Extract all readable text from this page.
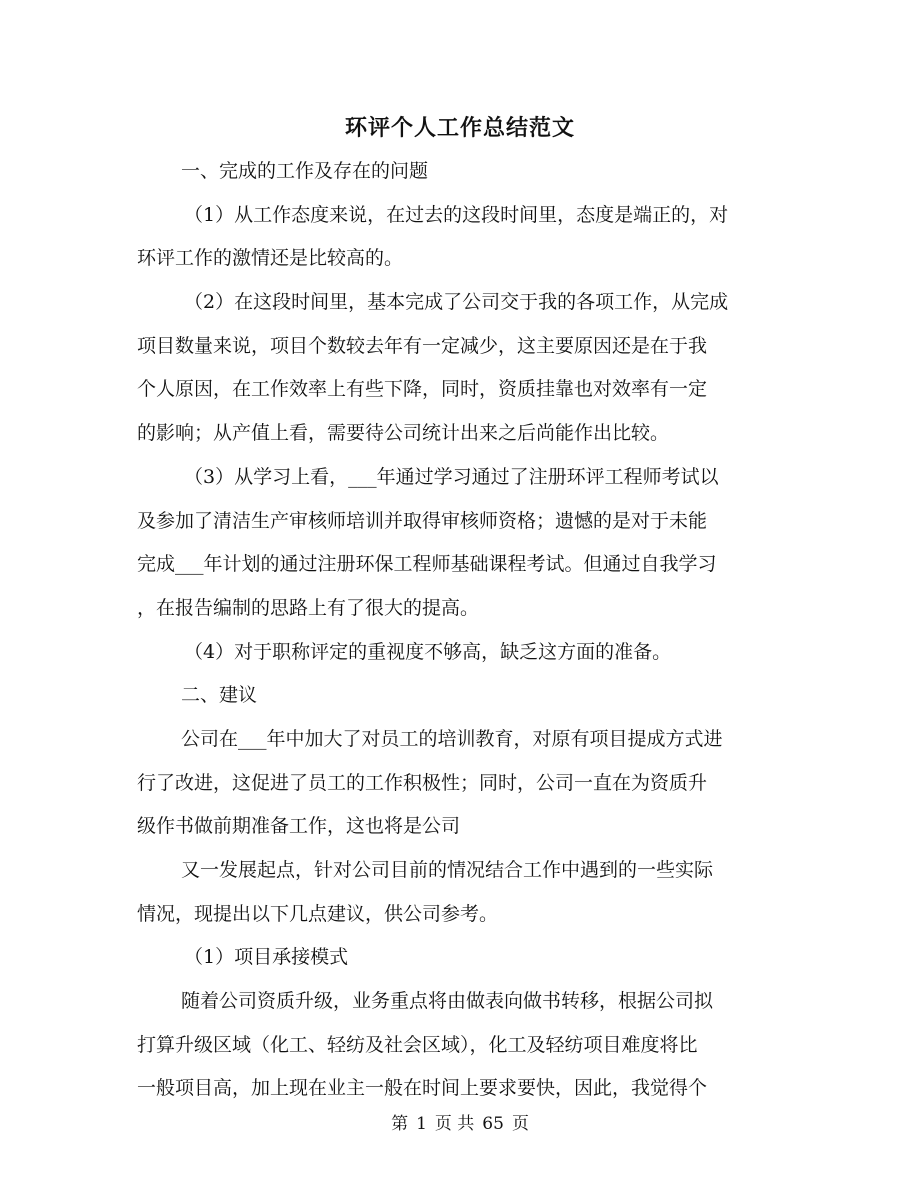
环评个人工作总结范文
一、完成的工作及存在的问题
（1）从工作态度来说，在过去的这段时间里，态度是端正的，对
环评工作的激情还是比较高的。
（2）在这段时间里，基本完成了公司交于我的各项工作，从完成
项目数量来说，项目个数较去年有一定减少，这主要原因还是在于我
个人原因，在工作效率上有些下降，同时，资质挂靠也对效率有一定
的影响；从产值上看，需要待公司统计出来之后尚能作出比较。
（3）从学习上看，___年通过学习通过了注册环评工程师考试以
及参加了清洁生产审核师培训并取得审核师资格；遗憾的是对于未能
完成___年计划的通过注册环保工程师基础课程考试。但通过自我学习
，在报告编制的思路上有了很大的提高。
（4）对于职称评定的重视度不够高，缺乏这方面的准备。
二、建议
公司在___年中加大了对员工的培训教育，对原有项目提成方式进
行了改进，这促进了员工的工作积极性；同时，公司一直在为资质升
级作书做前期准备工作，这也将是公司
又一发展起点，针对公司目前的情况结合工作中遇到的一些实际
情况，现提出以下几点建议，供公司参考。
（1）项目承接模式
随着公司资质升级，业务重点将由做表向做书转移，根据公司拟
打算升级区域（化工、轻纺及社会区域），化工及轻纺项目难度将比
一般项目高，加上现在业主一般在时间上要求要快，因此，我觉得个
第 1 页 共 65 页
